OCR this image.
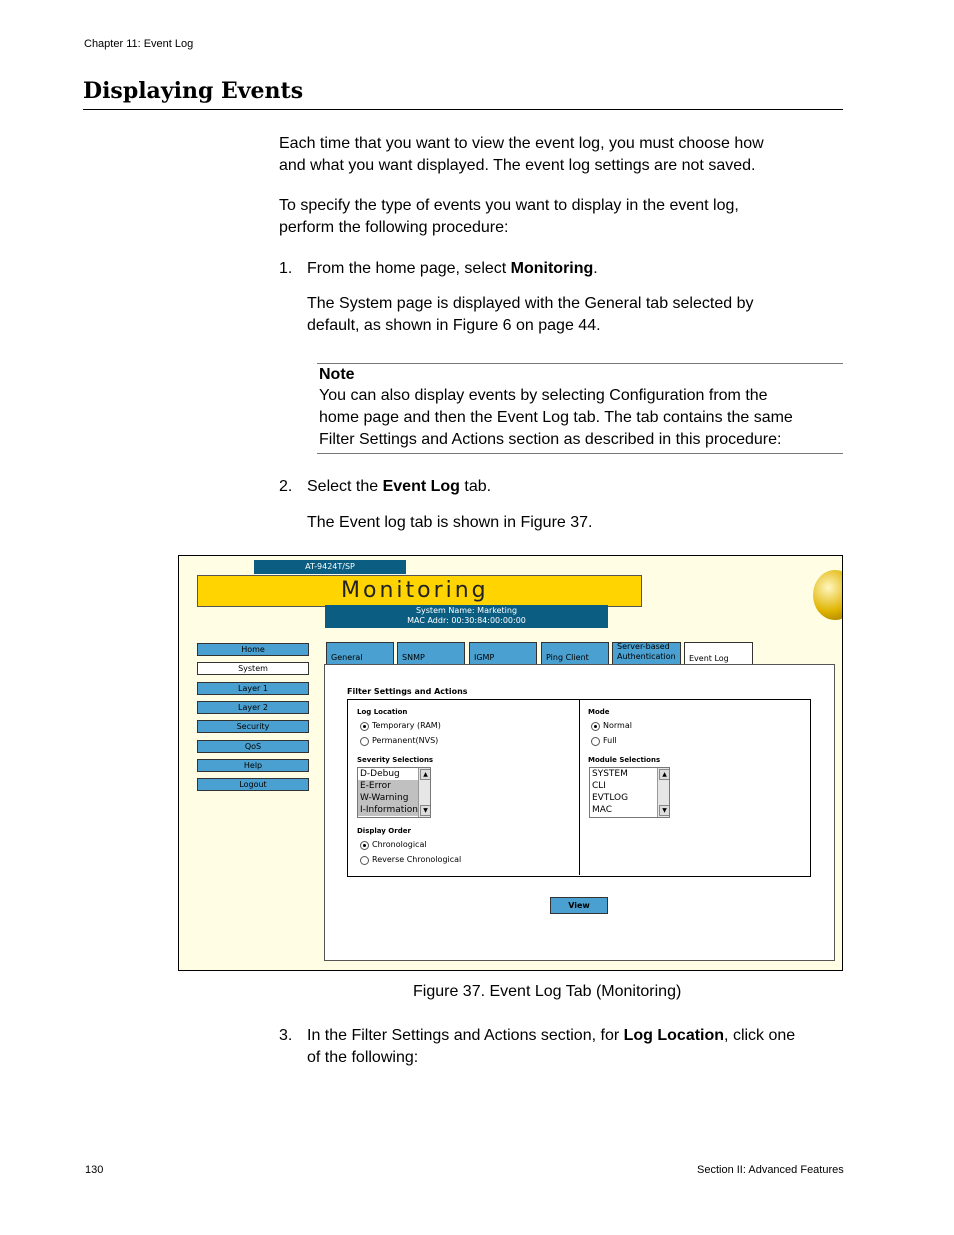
Chapter 11: Event Log
Displaying Events
Each time that you want to view the event log, you must choose how
and what you want displayed. The event log settings are not saved.
To specify the type of events you want to display in the event log,
perform the following procedure:
1. From the home page, select Monitoring.
The System page is displayed with the General tab selected by
default, as shown in Figure 6 on page 44.
Note
You can also display events by selecting Configuration from the
home page and then the Event Log tab. The tab contains the same
Filter Settings and Actions section as described in this procedure:
2. Select the Event Log tab.
The Event log tab is shown in Figure 37.
AT-9424T/SP
Monitoring
System Name: Marketing
MAC Addr: 00:30:84:00:00:00
Home
System
Layer 1
Layer 2
Security
QoS
Help
Logout
General	SNMP	IGMP	Ping Client
Server-based
Authentication Event Log
Filter Settings and Actions
Log Location
Temporary (RAM)
Permanent(NVS)
Mode
Normal
Full
Severity Selections
D-Debug
E-Error
W-Warning
I-Information
▲
▼
Module Selections
SYSTEM
CLI
EVTLOG
MAC
▲
▼
Display Order
Chronological
Reverse Chronological
View
Figure 37. Event Log Tab (Monitoring)
3. In the Filter Settings and Actions section, for Log Location, click one
of the following:
130	Section II: Advanced Features
